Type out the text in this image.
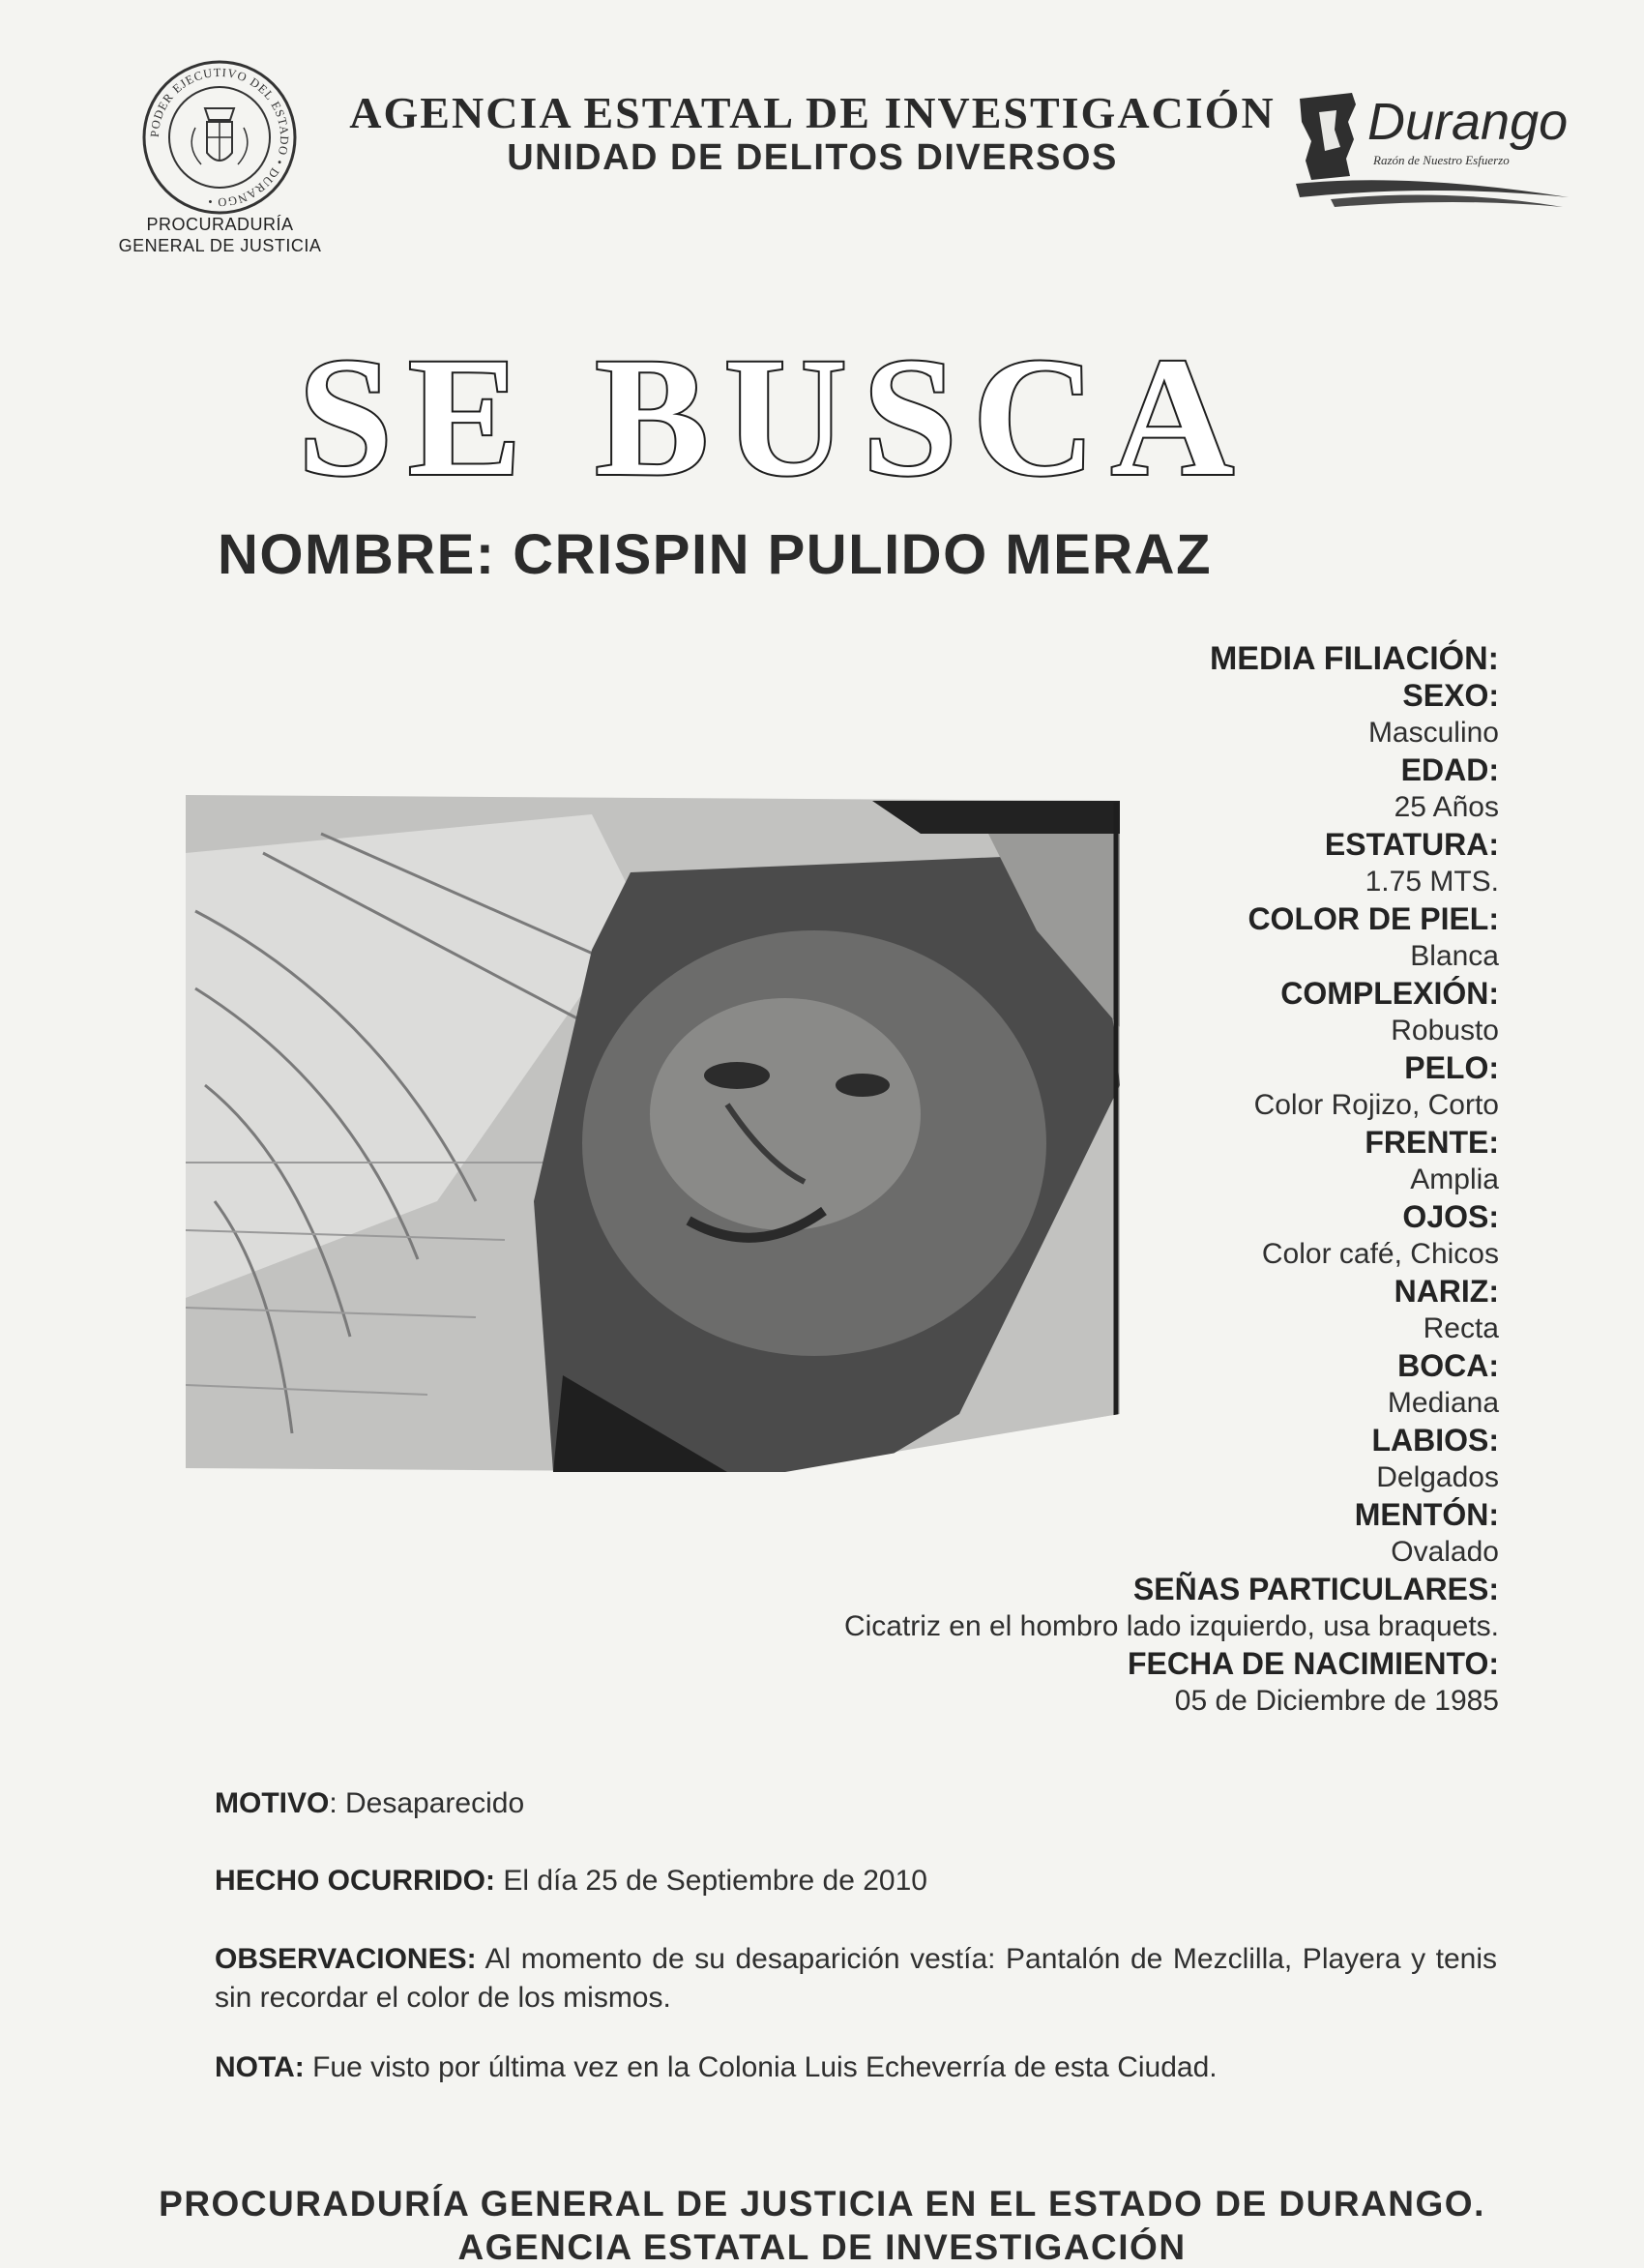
PODER EJECUTIVO DEL ESTADO • DURANGO •
PROCURADURÍA
GENERAL DE JUSTICIA
AGENCIA ESTATAL DE INVESTIGACIÓN
UNIDAD DE DELITOS DIVERSOS
Durango
Razón de Nuestro Esfuerzo
SE BUSCA
NOMBRE: CRISPIN PULIDO MERAZ
MEDIA FILIACIÓN:
SEXO:
Masculino
EDAD:
25 Años
ESTATURA:
1.75 MTS.
COLOR DE PIEL:
Blanca
COMPLEXIÓN:
Robusto
PELO:
Color Rojizo, Corto
FRENTE:
Amplia
OJOS:
Color café, Chicos
NARIZ:
Recta
BOCA:
Mediana
LABIOS:
Delgados
MENTÓN:
Ovalado
SEÑAS PARTICULARES:
Cicatriz en el hombro lado izquierdo, usa braquets.
FECHA DE NACIMIENTO:
05 de Diciembre de 1985
MOTIVO: Desaparecido
HECHO OCURRIDO: El día 25 de Septiembre de 2010
OBSERVACIONES: Al momento de su desaparición vestía: Pantalón de Mezclilla, Playera y tenis sin recordar el color de los mismos.
NOTA: Fue visto por última vez en la Colonia Luis Echeverría de esta Ciudad.
PROCURADURÍA GENERAL DE JUSTICIA EN EL ESTADO DE DURANGO.
AGENCIA ESTATAL DE INVESTIGACIÓN
